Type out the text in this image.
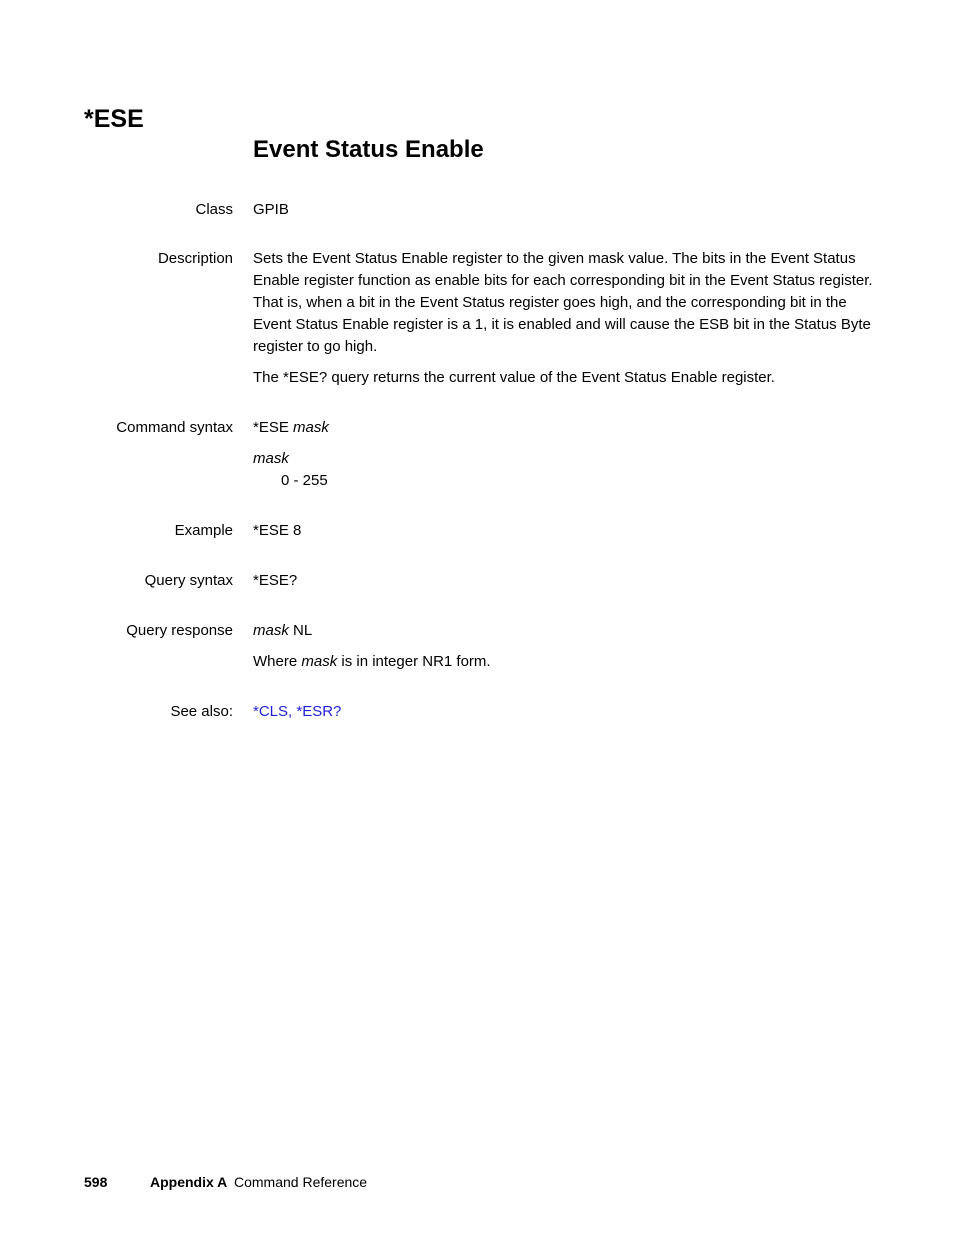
*ESE
Event Status Enable
Class GPIB
Description Sets the Event Status Enable register to the given mask value. The bits in the Event Status Enable register function as enable bits for each corresponding bit in the Event Status register. That is, when a bit in the Event Status register goes high, and the corresponding bit in the Event Status Enable register is a 1, it is enabled and will cause the ESB bit in the Status Byte register to go high.

The *ESE? query returns the current value of the Event Status Enable register.

Command syntax *ESE mask

mask
0 - 255

Example *ESE 8
Query syntax *ESE?
Query response mask NL

Where mask is in integer NR1 form.

See also: *CLS, *ESR?
598	Appendix A Command Reference
